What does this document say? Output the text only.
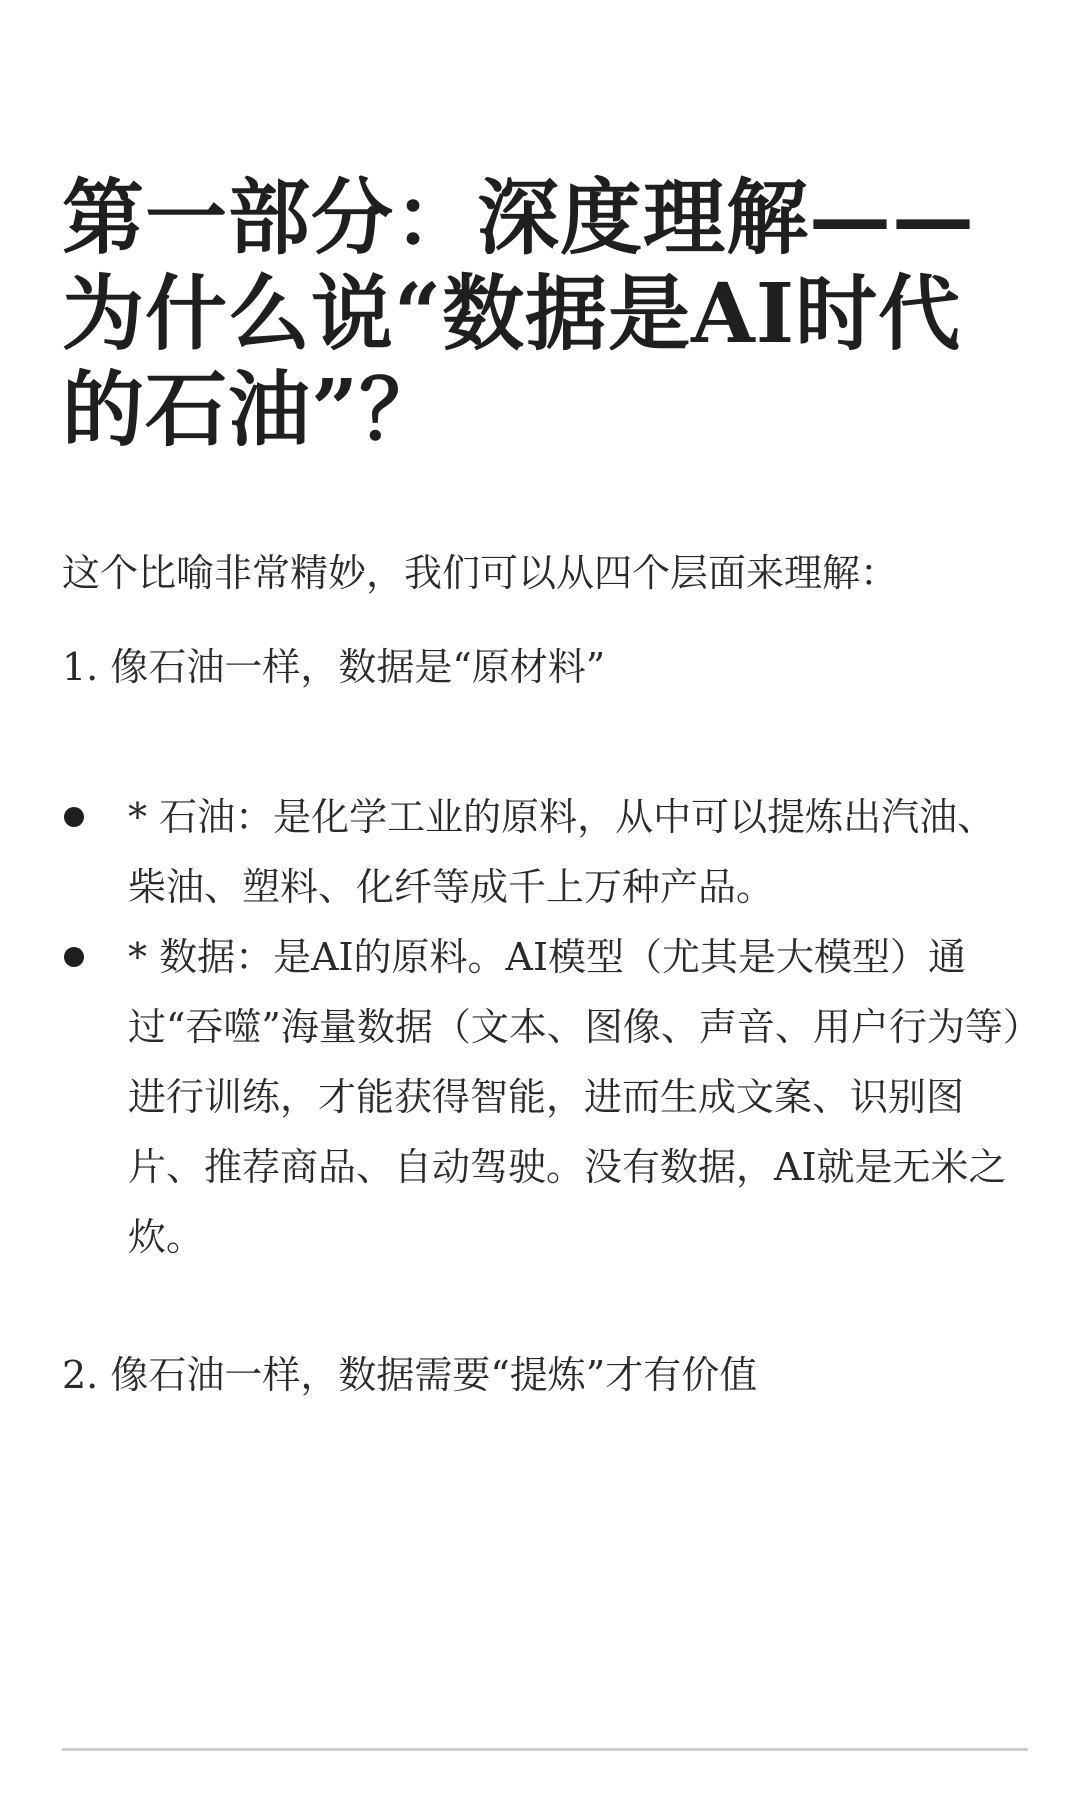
第一部分：深度理解——为什么说“数据是AI时代的石油”？

这个比喻非常精妙，我们可以从四个层面来理解：

1. 像石油一样，数据是“原材料”

* 石油：是化学工业的原料，从中可以提炼出汽油、柴油、塑料、化纤等成千上万种产品。
* 数据：是AI的原料。AI模型（尤其是大模型）通过“吞噬”海量数据（文本、图像、声音、用户行为等）进行训练，才能获得智能，进而生成文案、识别图片、推荐商品、自动驾驶。没有数据，AI就是无米之炊。

2. 像石油一样，数据需要“提炼”才有价值
